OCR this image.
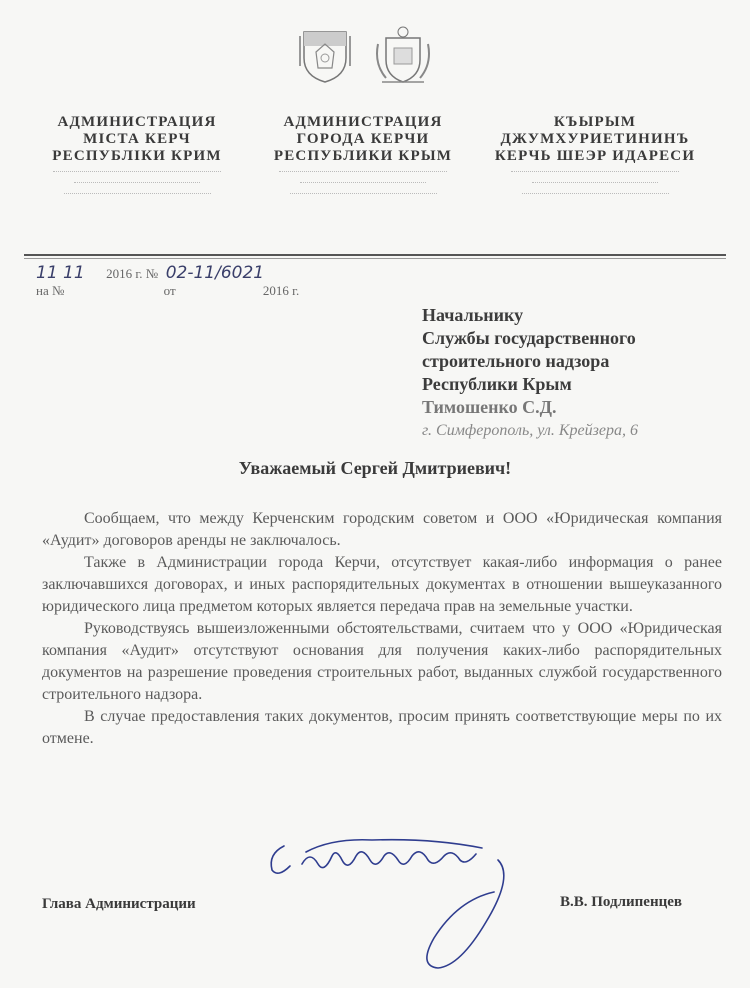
АДМИНИСТРАЦИЯ
МІСТА КЕРЧ
РЕСПУБЛІКИ КРИМ
АДМИНИСТРАЦИЯ
ГОРОДА КЕРЧИ
РЕСПУБЛИКИ КРЫМ
КЪЫРЫМ
ДЖУМХУРИЕТИНИНЪ
КЕРЧЬ ШЕЭР ИДАРЕСИ
11 11 2016 г. № 02-11/6021
на №	от	2016 г.
Начальнику
Службы государственного
строительного надзора
Республики Крым
Тимошенко С.Д.
г. Симферополь, ул. Крейзера, 6
Уважаемый Сергей Дмитриевич!

Сообщаем, что между Керченским городским советом и ООО «Юридическая компания «Аудит» договоров аренды не заключалось.

Также в Администрации города Керчи, отсутствует какая-либо информация о ранее заключавшихся договорах, и иных распорядительных документах в отношении вышеуказанного юридического лица предметом которых является передача прав на земельные участки.

Руководствуясь вышеизложенными обстоятельствами, считаем что у ООО «Юридическая компания «Аудит» отсутствуют основания для получения каких-либо распорядительных документов на разрешение проведения строительных работ, выданных службой государственного строительного надзора.

В случае предоставления таких документов, просим принять соответствующие меры по их отмене.

Глава Администрации	В.В. Подлипенцев
